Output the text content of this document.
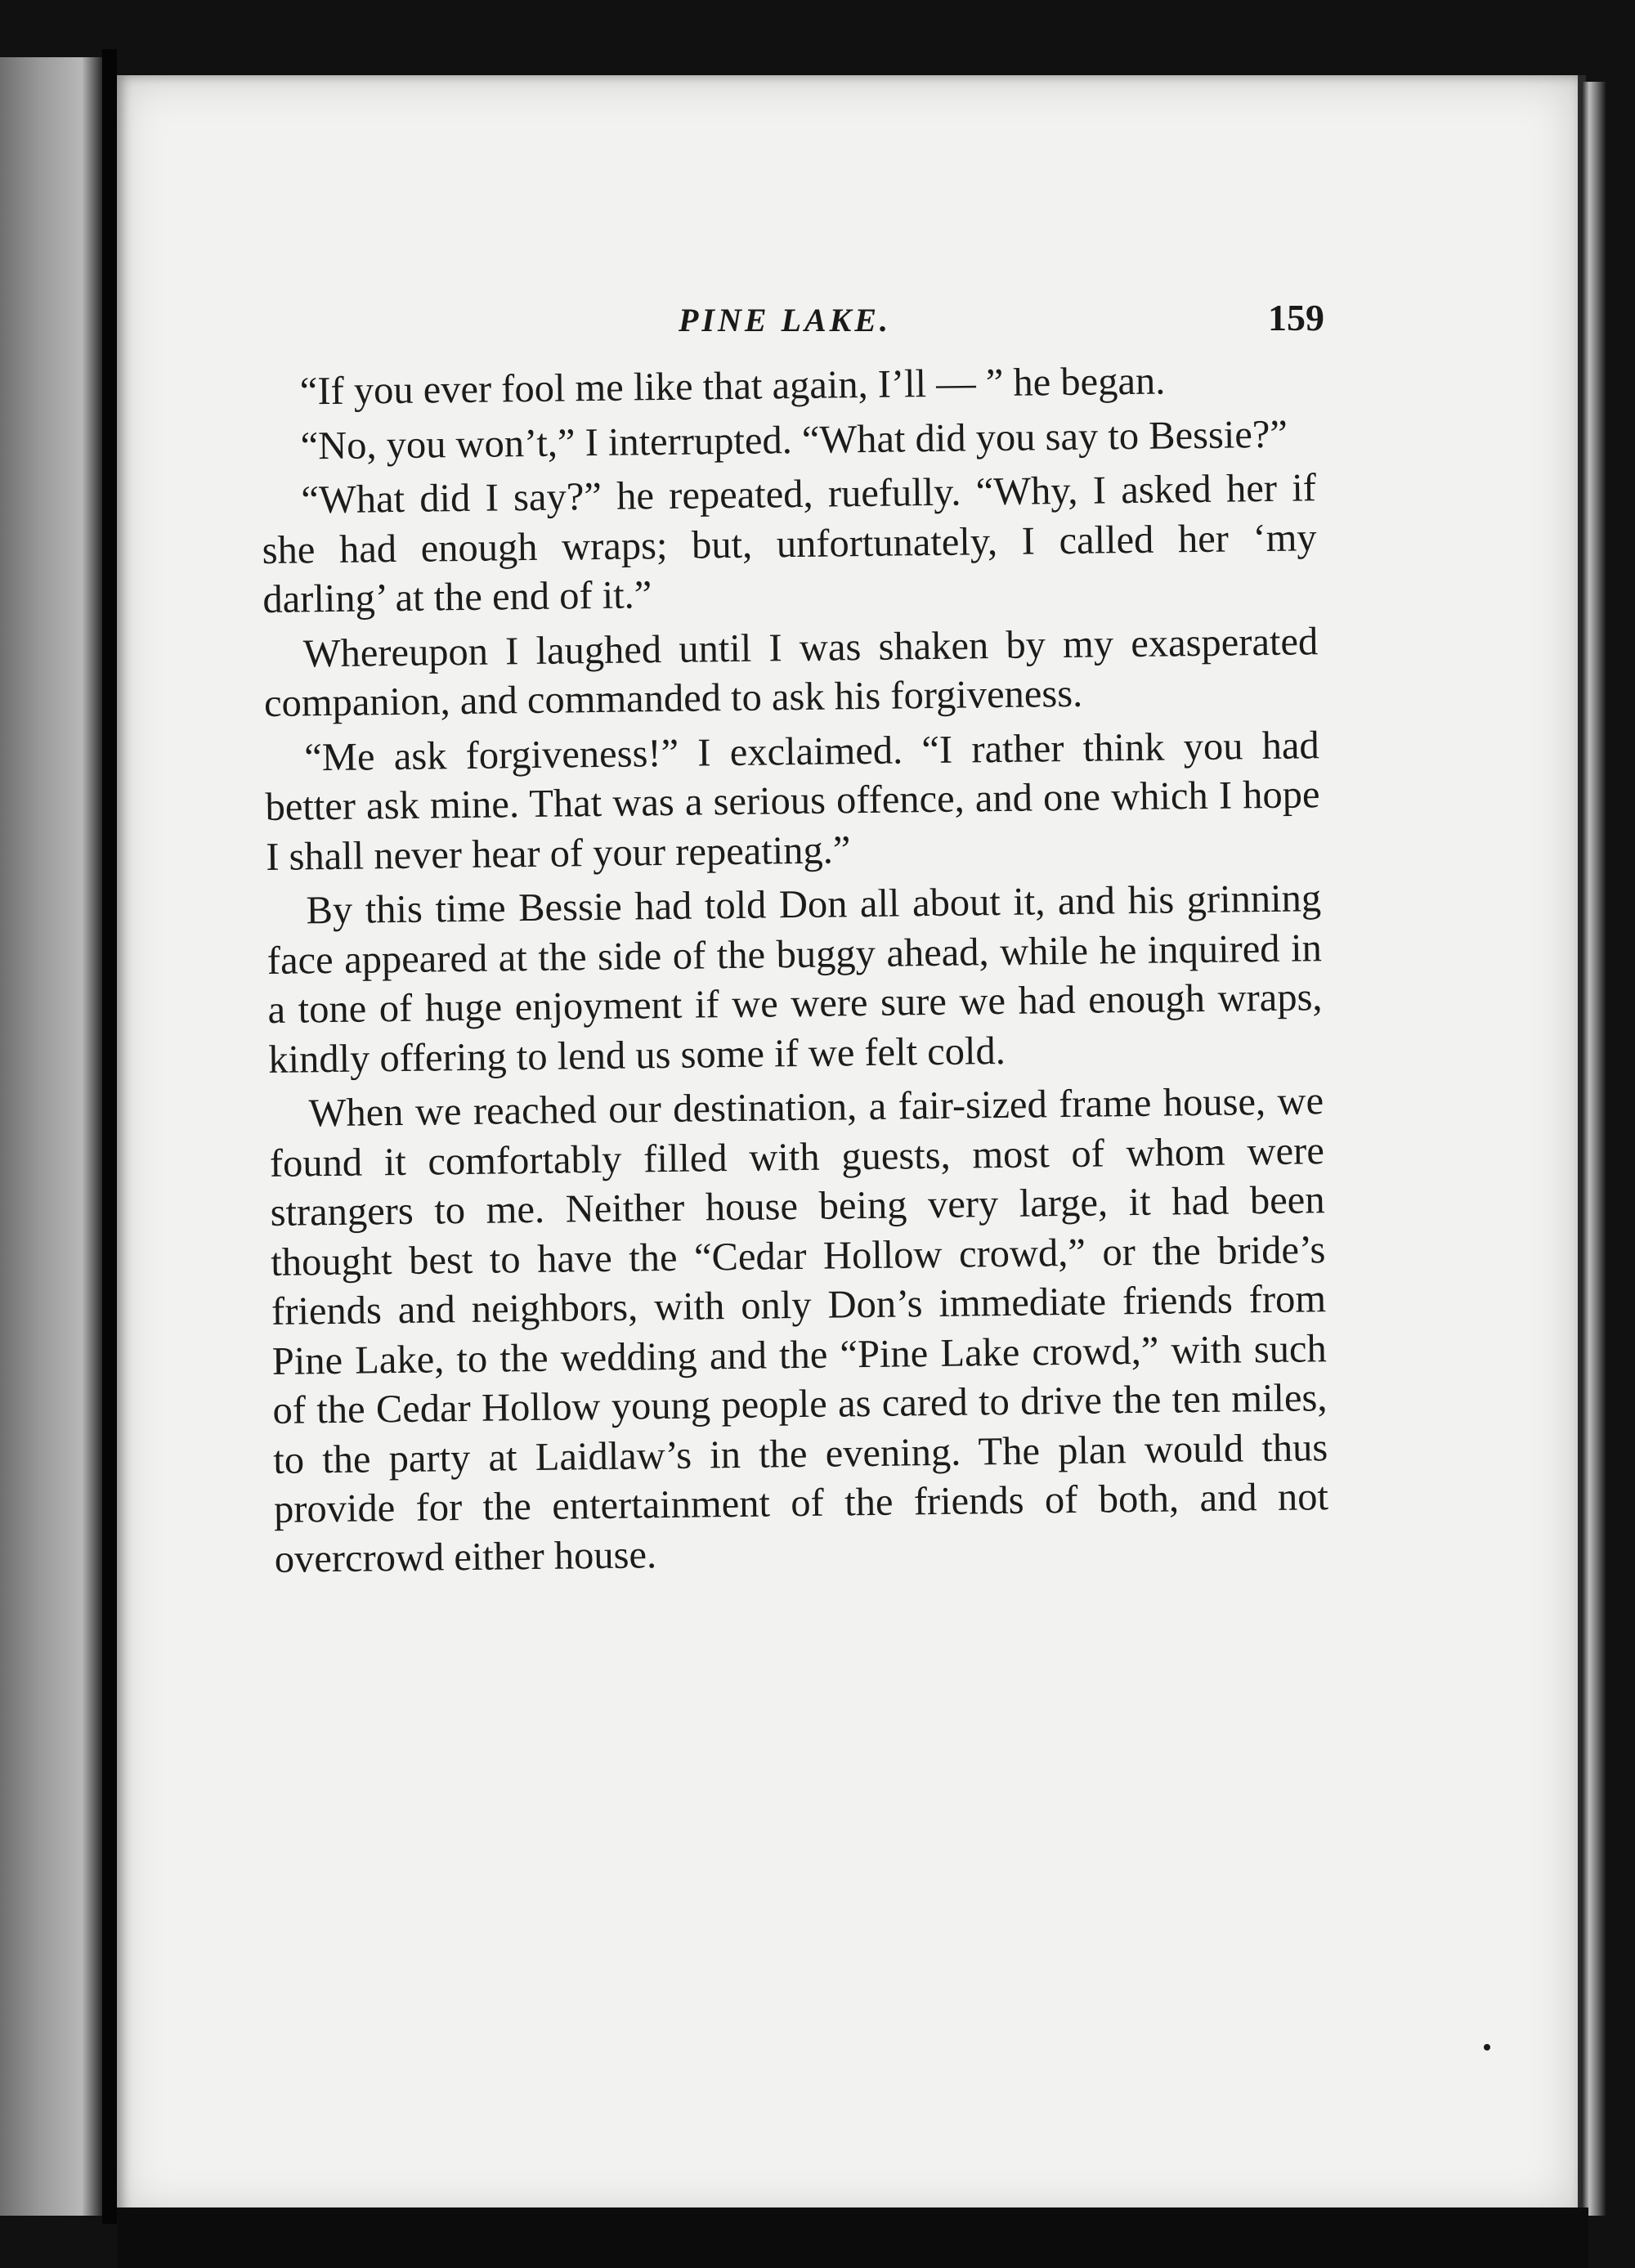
PINE LAKE.	159

“If you ever fool me like that again, I’ll — ” he began.

“No, you won’t,” I interrupted. “What did you say to Bessie?”

“What did I say?” he repeated, ruefully. “Why, I asked her if she had enough wraps; but, unfortunately, I called her ‘my darling’ at the end of it.”

Whereupon I laughed until I was shaken by my exasperated companion, and commanded to ask his forgiveness.

“Me ask forgiveness!” I exclaimed. “I rather think you had better ask mine. That was a serious offence, and one which I hope I shall never hear of your repeating.”

By this time Bessie had told Don all about it, and his grinning face appeared at the side of the buggy ahead, while he inquired in a tone of huge enjoyment if we were sure we had enough wraps, kindly offering to lend us some if we felt cold.

When we reached our destination, a fair-sized frame house, we found it comfortably filled with guests, most of whom were strangers to me. Neither house being very large, it had been thought best to have the “Cedar Hollow crowd,” or the bride’s friends and neighbors, with only Don’s immediate friends from Pine Lake, to the wedding and the “Pine Lake crowd,” with such of the Cedar Hollow young people as cared to drive the ten miles, to the party at Laidlaw’s in the evening. The plan would thus provide for the entertainment of the friends of both, and not overcrowd either house.
